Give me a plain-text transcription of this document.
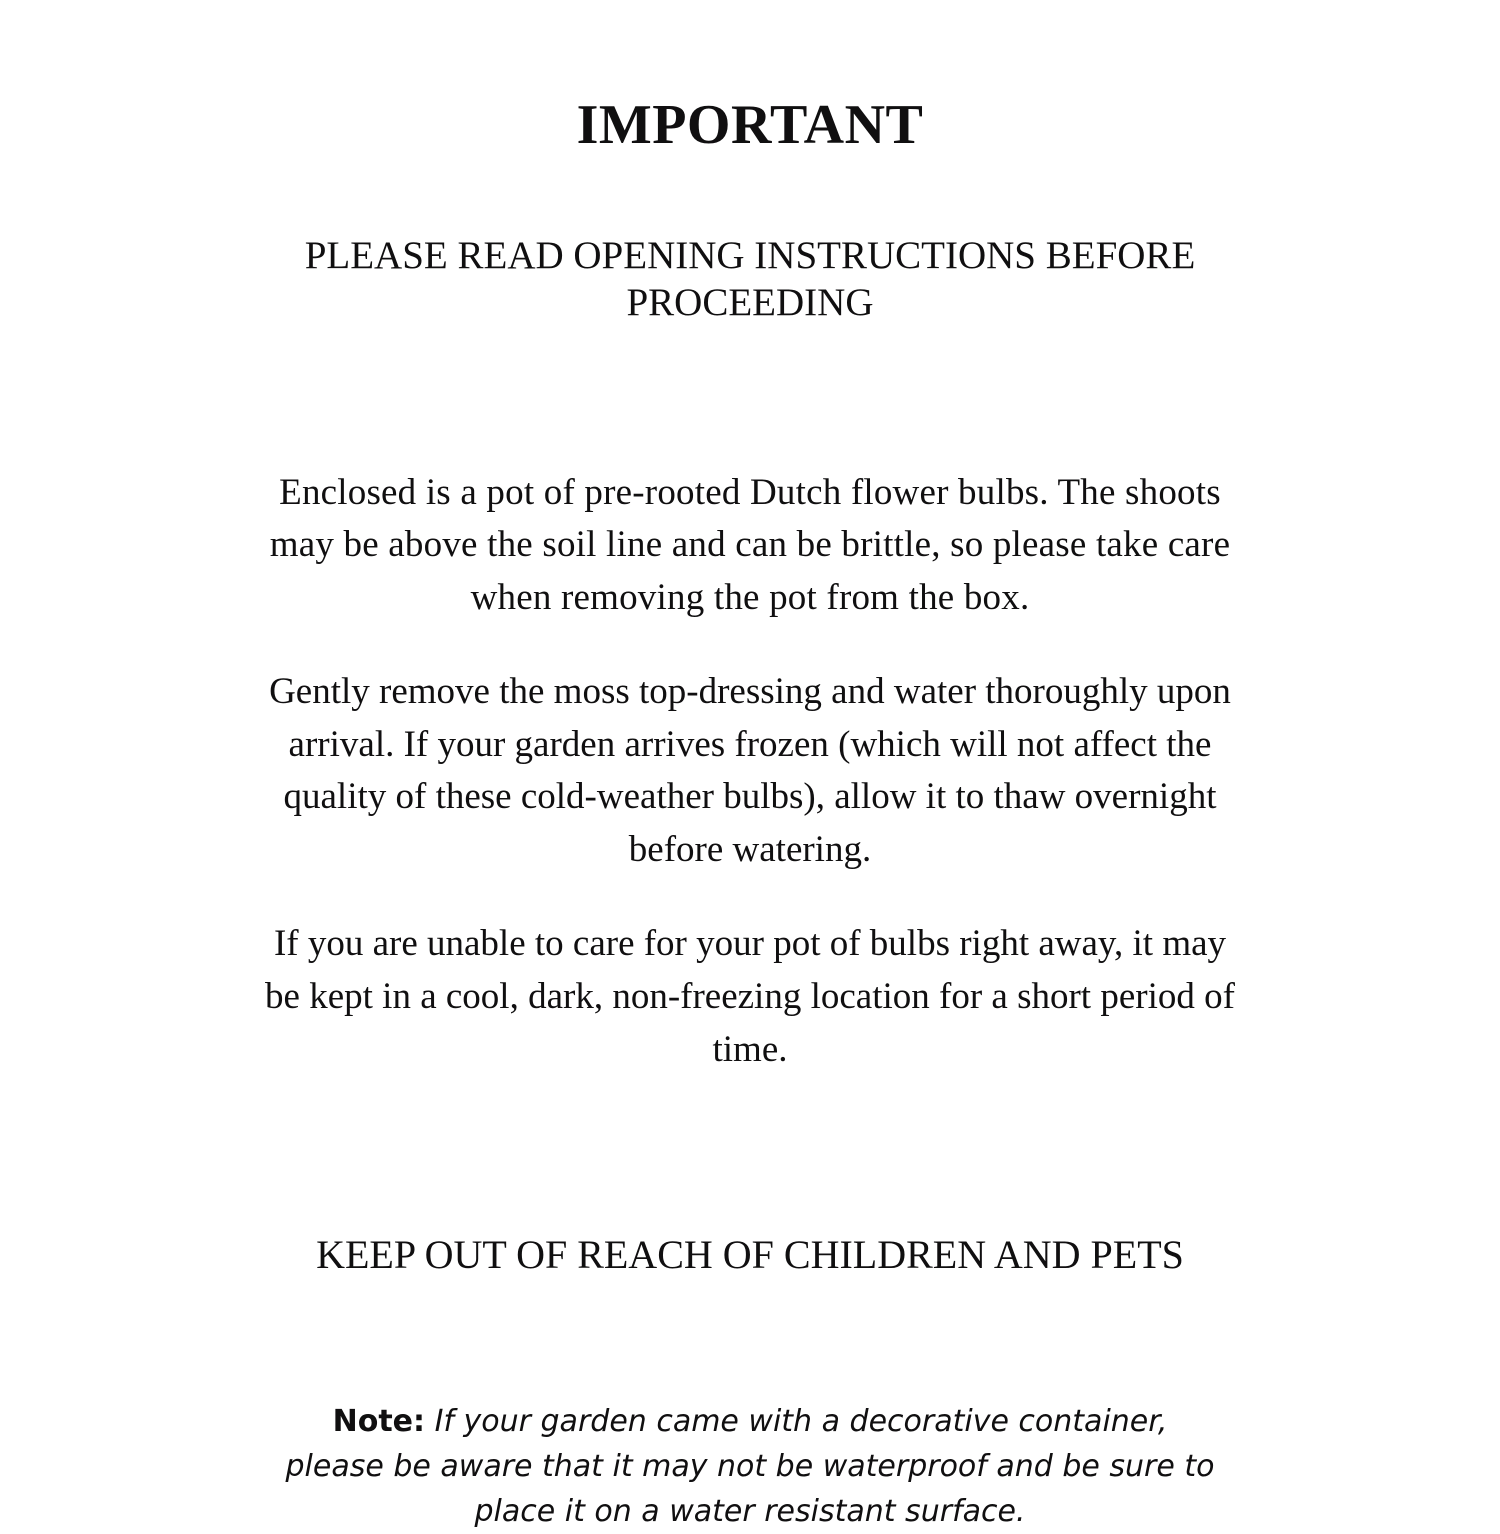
IMPORTANT

PLEASE READ OPENING INSTRUCTIONS BEFORE PROCEEDING

Enclosed is a pot of pre-rooted Dutch flower bulbs. The shoots may be above the soil line and can be brittle, so please take care when removing the pot from the box.

Gently remove the moss top-dressing and water thoroughly upon arrival. If your garden arrives frozen (which will not affect the quality of these cold-weather bulbs), allow it to thaw overnight before watering.

If you are unable to care for your pot of bulbs right away, it may be kept in a cool, dark, non-freezing location for a short period of time.

KEEP OUT OF REACH OF CHILDREN AND PETS

Note: If your garden came with a decorative container, please be aware that it may not be waterproof and be sure to place it on a water resistant surface.
